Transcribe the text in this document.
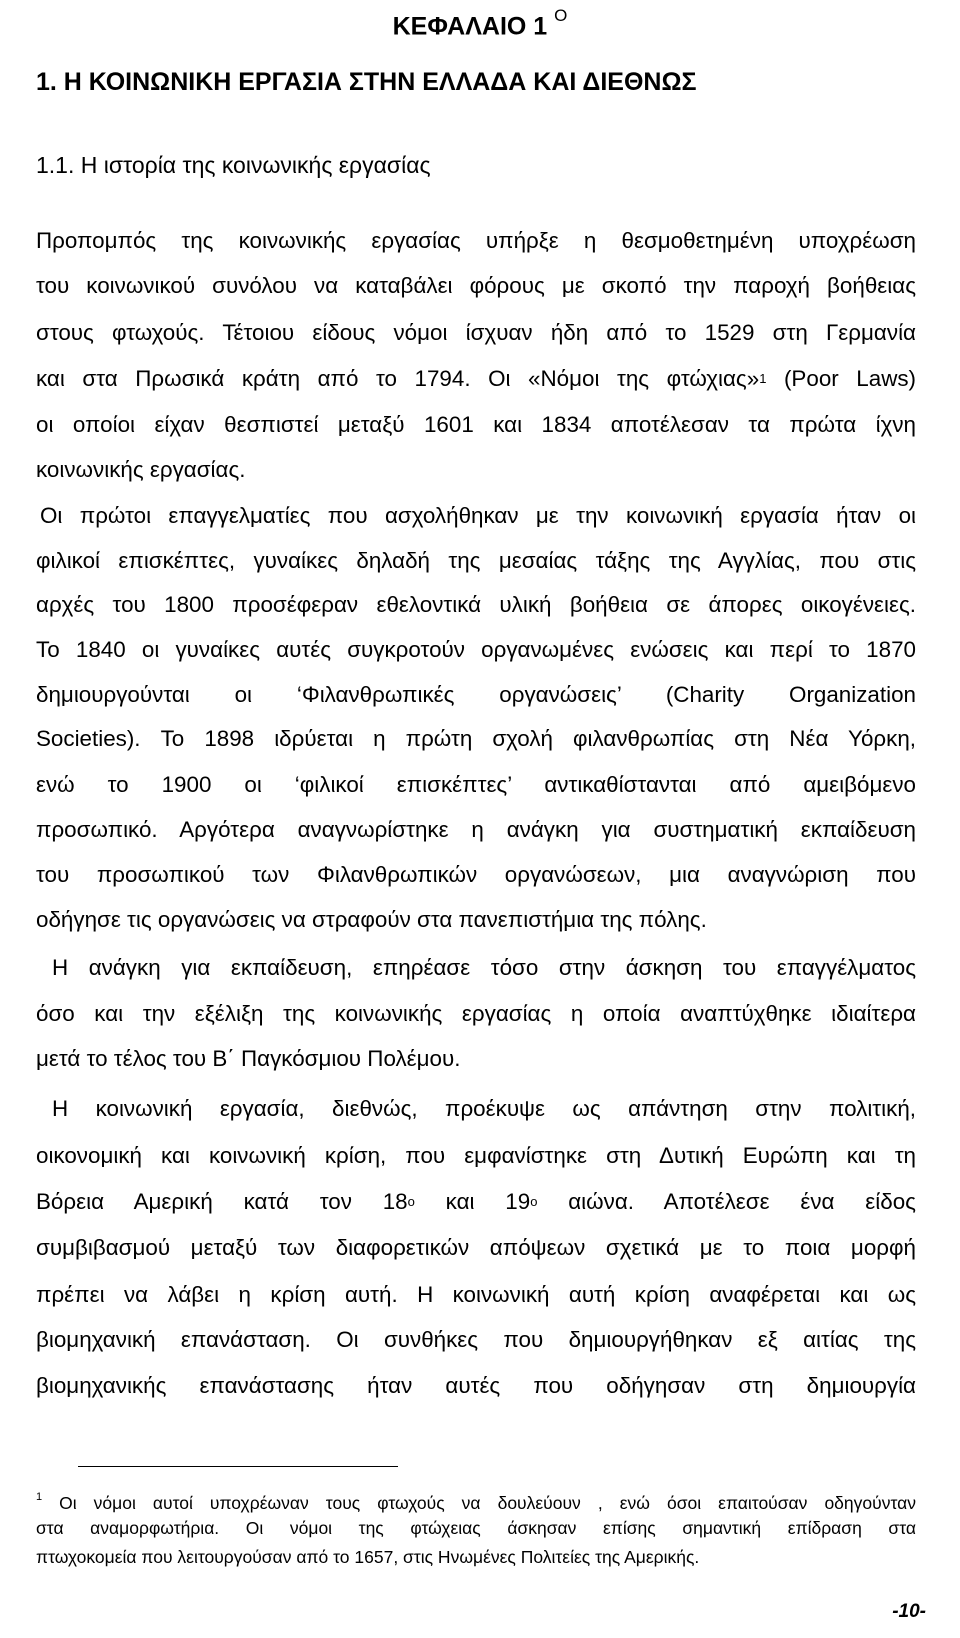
ΚΕΦΑΛΑΙΟ 1 $^O$
1. Η ΚΟΙΝΩΝΙΚΗ ΕΡΓΑΣΙΑ ΣΤΗΝ ΕΛΛΑΔΑ ΚΑΙ ΔΙΕΘΝΩΣ
1.1. Η ιστορία της κοινωνικής εργασίας
Προπομπός της κοινωνικής εργασίας υπήρξε η θεσμοθετημένη υποχρέωση
του κοινωνικού συνόλου να καταβάλει φόρους με σκοπό την παροχή βοήθειας
στους φτωχούς. Τέτοιου είδους νόμοι ίσχυαν ήδη από το 1529 στη Γερμανία
και στα Πρωσικά κράτη από το 1794. Οι «Νόμοι της φτώχιας»$^1$ (Poor Laws)
οι οποίοι είχαν θεσπιστεί μεταξύ 1601 και 1834 αποτέλεσαν τα πρώτα ίχνη
κοινωνικής εργασίας.
Οι πρώτοι επαγγελματίες που ασχολήθηκαν με την κοινωνική εργασία ήταν οι
φιλικοί επισκέπτες, γυναίκες δηλαδή της μεσαίας τάξης της Αγγλίας, που στις
αρχές του 1800 προσέφεραν εθελοντικά υλική βοήθεια σε άπορες οικογένειες.
Το 1840 οι γυναίκες αυτές συγκροτούν οργανωμένες ενώσεις και περί το 1870
δημιουργούνται οι ‘Φιλανθρωπικές οργανώσεις’ (Charity Organization
Societies). Το 1898 ιδρύεται η πρώτη σχολή φιλανθρωπίας στη Νέα Υόρκη,
ενώ το 1900 οι ‘φιλικοί επισκέπτες’ αντικαθίστανται από αμειβόμενο
προσωπικό. Αργότερα αναγνωρίστηκε η ανάγκη για συστηματική εκπαίδευση
του προσωπικού των Φιλανθρωπικών οργανώσεων, μια αναγνώριση που
οδήγησε τις οργανώσεις να στραφούν στα πανεπιστήμια της πόλης.
Η ανάγκη για εκπαίδευση, επηρέασε τόσο στην άσκηση του επαγγέλματος
όσο και την εξέλιξη της κοινωνικής εργασίας η οποία αναπτύχθηκε ιδιαίτερα
μετά το τέλος του Β΄ Παγκόσμιου Πολέμου.
Η κοινωνική εργασία, διεθνώς, προέκυψε ως απάντηση στην πολιτική,
οικονομική και κοινωνική κρίση, που εμφανίστηκε στη Δυτική Ευρώπη και τη
Βόρεια Αμερική κατά τον $18^o$ και $19^o$ αιώνα. Αποτέλεσε ένα είδος
συμβιβασμού μεταξύ των διαφορετικών απόψεων σχετικά με το ποια μορφή
πρέπει να λάβει η κρίση αυτή. Η κοινωνική αυτή κρίση αναφέρεται και ως
βιομηχανική επανάσταση. Οι συνθήκες που δημιουργήθηκαν εξ αιτίας της
βιομηχανικής επανάστασης ήταν αυτές που οδήγησαν στη δημιουργία
$^1$ Οι νόμοι αυτοί υποχρέωναν τους φτωχούς να δουλεύουν , ενώ όσοι επαιτούσαν οδηγούνταν
στα αναμορφωτήρια. Οι νόμοι της φτώχειας άσκησαν επίσης σημαντική επίδραση στα
πτωχοκομεία που λειτουργούσαν από το 1657, στις Ηνωμένες Πολιτείες της Αμερικής.
-10-
